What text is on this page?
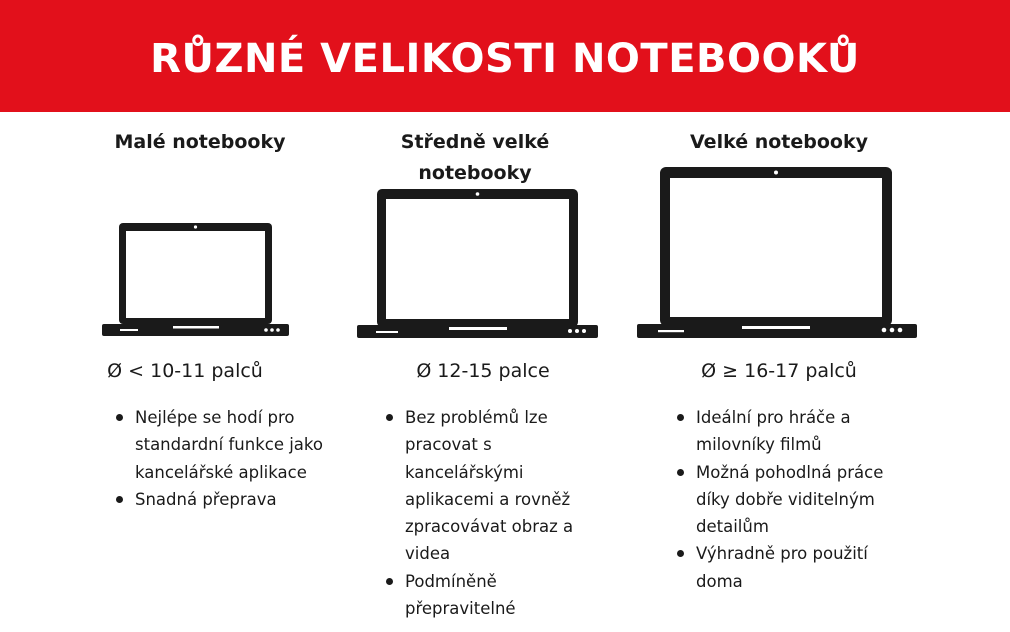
RŮZNÉ VELIKOSTI NOTEBOOKŮ
Malé notebooky
Ø < 10-11 palců
Nejlépe se hodí pro standardní funkce jako kancelářské aplikace
Snadná přeprava
Středně velké notebooky
Ø 12-15 palce
Bez problémů lze pracovat s kancelářskými aplikacemi a rovněž zpracovávat obraz a videa
Podmíněně přepravitelné
Velké notebooky
Ø ≥ 16-17 palců
Ideální pro hráče a milovníky filmů
Možná pohodlná práce díky dobře viditelným detailům
Výhradně pro použití doma
